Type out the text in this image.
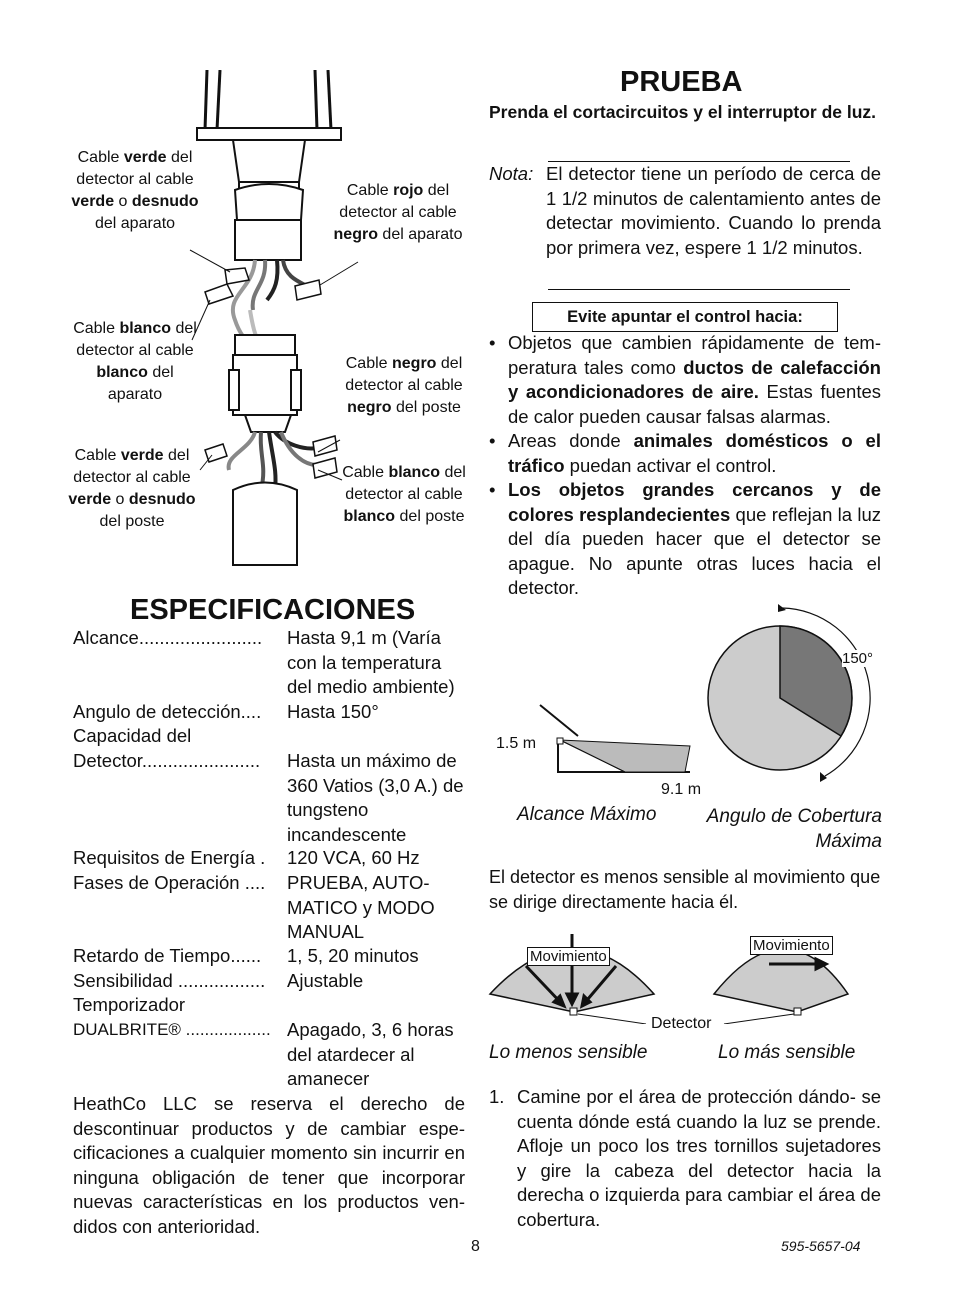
Cable verde del detector al cable verde o desnudo del aparato
Cable rojo del detector al cable negro del aparato
Cable blanco del detector al cable blanco del aparato
Cable negro del detector al cable negro del poste
Cable verde del detector al cable verde o desnudo del poste
Cable blanco del detector al cable blanco del poste
ESPECIFICACIONES
Alcance........................	Hasta 9,1 m (Varía con la temperatura del medio ambiente)
Angulo de detección....	Hasta 150°
Capacidad del
Detector.......................	Hasta un máximo de 360 Vatios (3,0 A.) de tungsteno incandescente
Requisitos de Energía .	120 VCA, 60 Hz
Fases de Operación ....	PRUEBA, AUTO- MATICO y MODO MANUAL
Retardo de Tiempo......	1, 5, 20 minutos
Sensibilidad .................	Ajustable
Temporizador
DUALBRITE® .................. Apagado, 3, 6 horas del atardecer al amanecer
HeathCo LLC se reserva el derecho de descontinuar productos y de cambiar espe- cificaciones a cualquier momento sin incurrir en ninguna obligación de tener que incorporar nuevas características en los productos ven- didos con anterioridad.
PRUEBA
Prenda el cortacircuitos y el interruptor de luz.
Nota: El detector tiene un período de cerca de 1 1/2 minutos de calentamiento antes de detectar movimiento. Cuando lo prenda por primera vez, espere 1 1/2 minutos.
Evite apuntar el control hacia:
• Objetos que cambien rápidamente de tem- peratura tales como ductos de calefacción y acondicionadores de aire. Estas fuentes de calor pueden causar falsas alarmas.
• Areas donde animales domésticos o el tráfico puedan activar el control.
• Los objetos grandes cercanos y de colores resplandecientes que reflejan la luz del día pueden hacer que el detector se apague. No apunte otras luces hacia el detector.
1.5 m
9.1 m
150°
Alcance Máximo	Angulo de Cobertura Máxima
El detector es menos sensible al movimiento que se dirige directamente hacia él.
Movimiento
Movimiento
Detector
Lo menos sensible	Lo más sensible
1. Camine por el área de protección dándo- se cuenta dónde está cuando la luz se prende. Afloje un poco los tres tornillos sujetadores y gire la cabeza del detector hacia la derecha o izquierda para cambiar el área de cobertura.
8	595-5657-04
